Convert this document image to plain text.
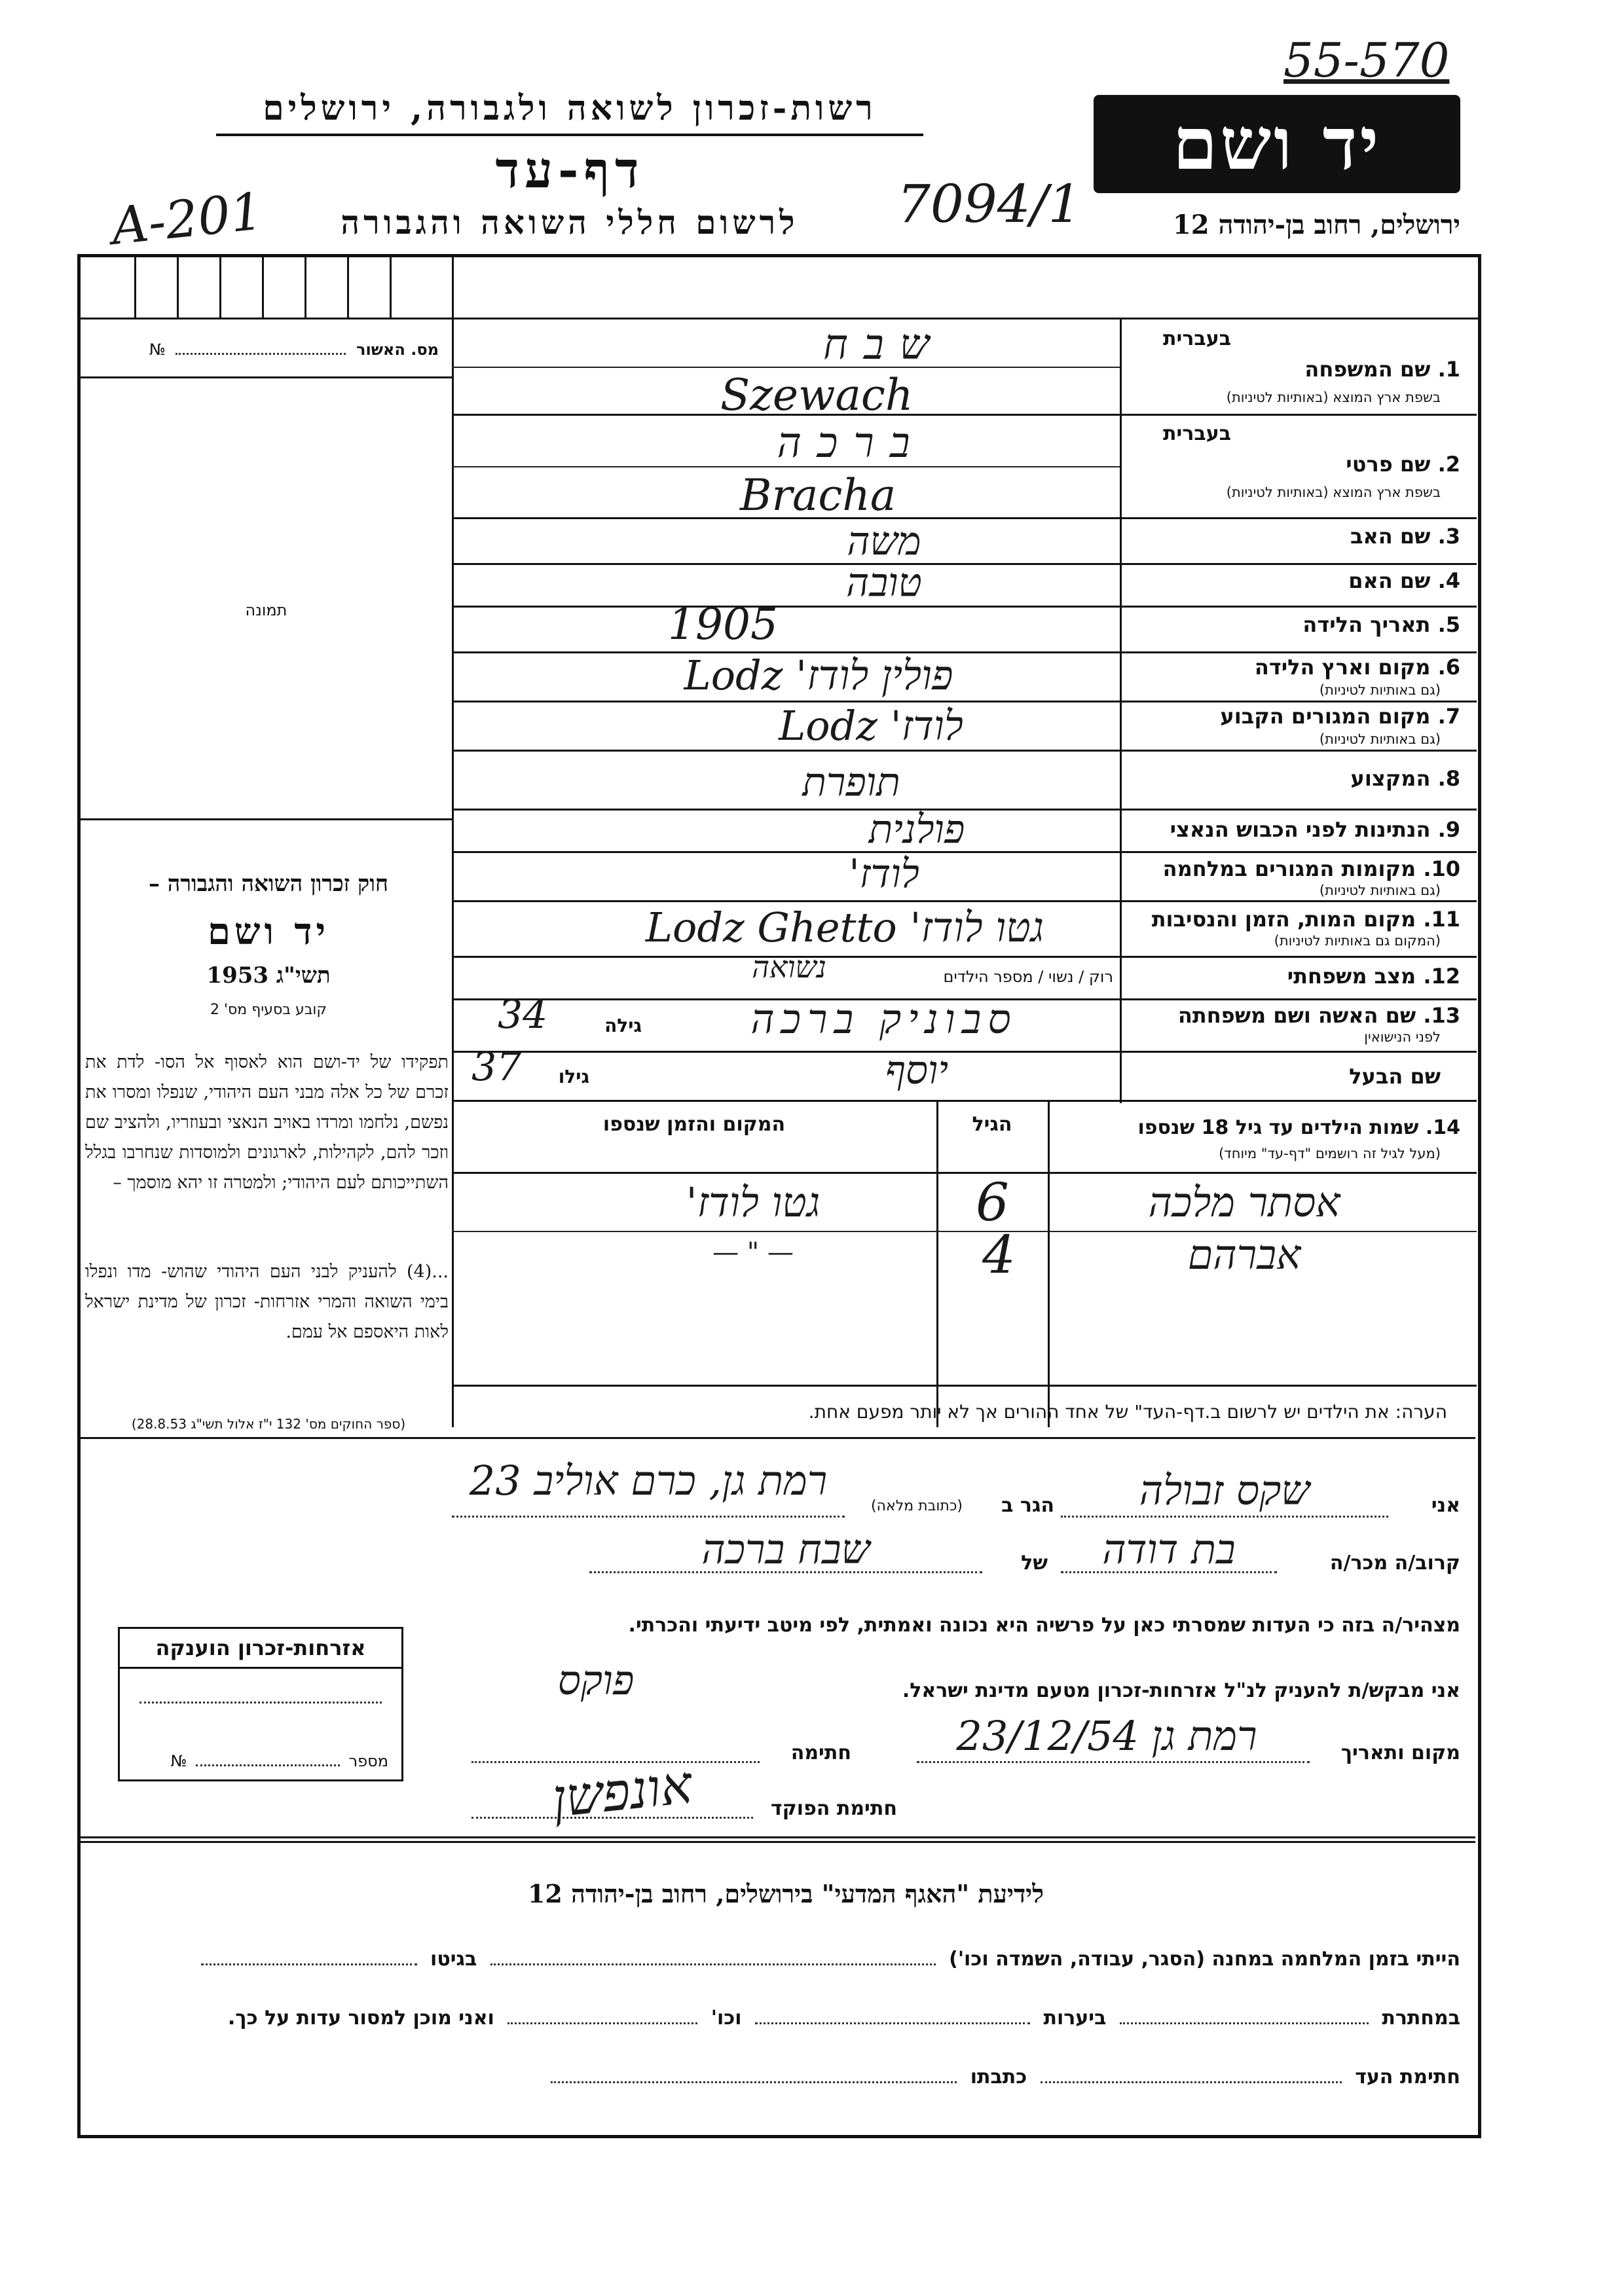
55-570
רשות-זכרון לשואה ולגבורה, ירושלים
דף-עד
לרשום חללי השואה והגבורה
A-201	7094/1
יד ושם
ירושלים, רחוב בן-יהודה 12
מס. האשור  №
תמונה
חוק זכרון השואה והגבורה –
יד ושם
תשי"ג 1953
קובע בסעיף מס' 2
תפקידו של יד-ושם הוא לאסוף אל הסו- לדת את זכרם של כל אלה מבני העם היהודי, שנפלו ומסרו את נפשם, נלחמו ומרדו באויב הנאצי ובעוזריו, ולהציב שם וזכר להם, לקהילות, לארגונים ולמוסדות שנחרבו בגלל השתייכותם לעם היהודי; ולמטרה זו יהא מוסמך –
...(4) להעניק לבני העם היהודי שהוש- מדו ונפלו בימי השואה והמרי אזרחות- זכרון של מדינת ישראל לאות היאספם אל עמם.
(ספר החוקים מס' 132 י"ז אלול תשי"ג 28.8.53)
בעברית
1. שם המשפחה
בשפת ארץ המוצא (באותיות לטיניות)
שבח
Szewach
בעברית
2. שם פרטי
בשפת ארץ המוצא (באותיות לטיניות)
ברכה
Bracha
3. שם האב
משה
4. שם האם
טובה
5. תאריך הלידה
1905
6. מקום וארץ הלידה
(גם באותיות לטיניות)
פולין לודז' Lodz
7. מקום המגורים הקבוע
(גם באותיות לטיניות)
לודז' Lodz
8. המקצוע
תופרת
9. הנתינות לפני הכבוש הנאצי
פולנית
10. מקומות המגורים במלחמה
(גם באותיות לטיניות)
לודז'
11. מקום המות, הזמן והנסיבות
(המקום גם באותיות לטיניות)
גטו לודז' Lodz Ghetto
12. מצב משפחתי
רוק / נשוי / מספר הילדים
נשואה
13. שם האשה ושם משפחתה
לפני הנישואין
סבוניק ברכה
גילה
34
שם הבעל
יוסף
גילו
37
14. שמות הילדים עד גיל 18 שנספו
(מעל לגיל זה רושמים "דף-עד" מיוחד)
הגיל
המקום והזמן שנספו
אסתר מלכה
6
גטו לודז'
אברהם
4
— " —
הערה: את הילדים יש לרשום ב.דף-העד" של אחד ההורים אך לא יותר מפעם אחת.
אני
שקס זבולה
הגר ב
(כתובת מלאה)
רמת גן, כרם אוליב 23
קרוב/ה מכר/ה
בת דודה
של
שבח ברכה
מצהיר/ה בזה כי העדות שמסרתי כאן על פרשיה היא נכונה ואמתית, לפי מיטב ידיעתי והכרתי.
אני מבקש/ת להעניק לנ"ל אזרחות-זכרון מטעם מדינת ישראל.
פוקס
מקום ותאריך
רמת גן 23/12/54
חתימה
חתימת הפוקד
אונפשן
אזרחות-זכרון הוענקה
מספר  №
לידיעת "האגף המדעי" בירושלים, רחוב בן-יהודה 12
הייתי בזמן המלחמה במחנה (הסגר, עבודה, השמדה וכו')  בגיטו
במחתרת  ביערות  וכו'  ואני מוכן למסור עדות על כך.
חתימת העד  כתבתו
